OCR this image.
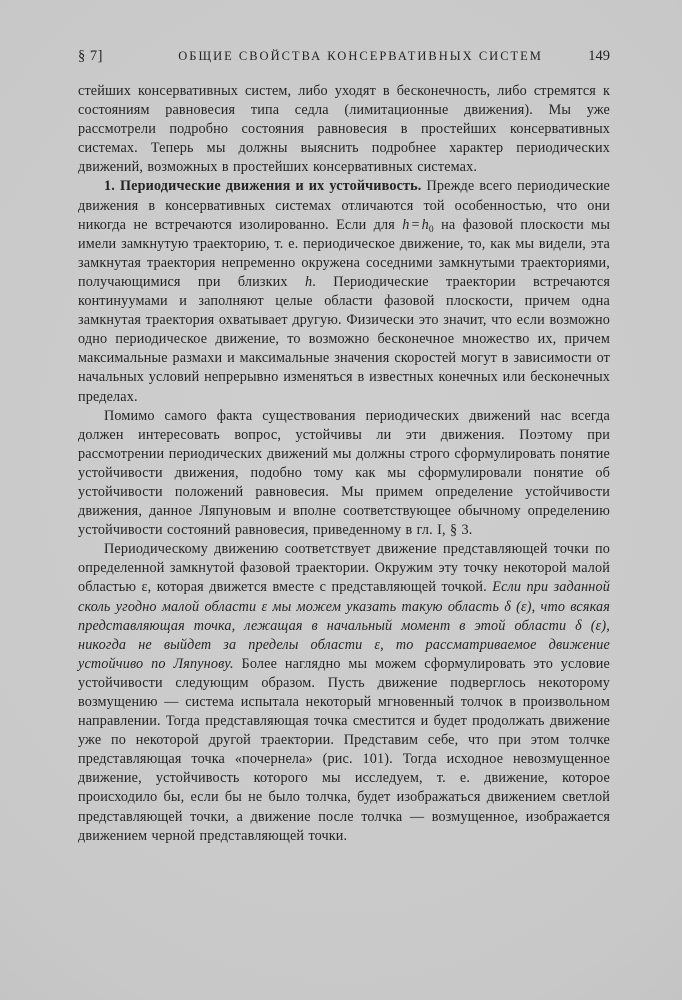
§ 7]	ОБЩИЕ СВОЙСТВА КОНСЕРВАТИВНЫХ СИСТЕМ	149

стейших консервативных систем, либо уходят в бесконечность, либо стремятся к состояниям равновесия типа седла (лимитационные движения). Мы уже рассмотрели подробно состояния равновесия в простейших консервативных системах. Теперь мы должны выяснить подробнее характер периодических движений, возможных в простейших консервативных системах.

1. Периодические движения и их устойчивость. Прежде всего периодические движения в консервативных системах отличаются той особенностью, что они никогда не встречаются изолированно. Если для $h = h_0$ на фазовой плоскости мы имели замкнутую траекторию, т. е. периодическое движение, то, как мы видели, эта замкнутая траектория непременно окружена соседними замкнутыми траекториями, получающимися при близких h. Периодические траектории встречаются континуумами и заполняют целые области фазовой плоскости, причем одна замкнутая траектория охватывает другую. Физически это значит, что если возможно одно периодическое движение, то возможно бесконечное множество их, причем максимальные размахи и максимальные значения скоростей могут в зависимости от начальных условий непрерывно изменяться в известных конечных или бесконечных пределах.

Помимо самого факта существования периодических движений нас всегда должен интересовать вопрос, устойчивы ли эти движения. Поэтому при рассмотрении периодических движений мы должны строго сформулировать понятие устойчивости движения, подобно тому как мы сформулировали понятие об устойчивости положений равновесия. Мы примем определение устойчивости движения, данное Ляпуновым и вполне соответствующее обычному определению устойчивости состояний равновесия, приведенному в гл. I, § 3.

Периодическому движению соответствует движение представляющей точки по определенной замкнутой фазовой траектории. Окружим эту точку некоторой малой областью ε, которая движется вместе с представляющей точкой. Если при заданной сколь угодно малой области ε мы можем указать такую область δ (ε), что всякая представляющая точка, лежащая в начальный момент в этой области δ (ε), никогда не выйдет за пределы области ε, то рассматриваемое движение устойчиво по Ляпунову. Более наглядно мы можем сформулировать это условие устойчивости следующим образом. Пусть движение подверглось некоторому возмущению — система испытала некоторый мгновенный толчок в произвольном направлении. Тогда представляющая точка сместится и будет продолжать движение уже по некоторой другой траектории. Представим себе, что при этом толчке представляющая точка «почернела» (рис. 101). Тогда исходное невозмущенное движение, устойчивость которого мы исследуем, т. е. движение, которое происходило бы, если бы не было толчка, будет изображаться движением светлой представляющей точки, а движение после толчка — возмущенное, изображается движением черной представляющей точки.
